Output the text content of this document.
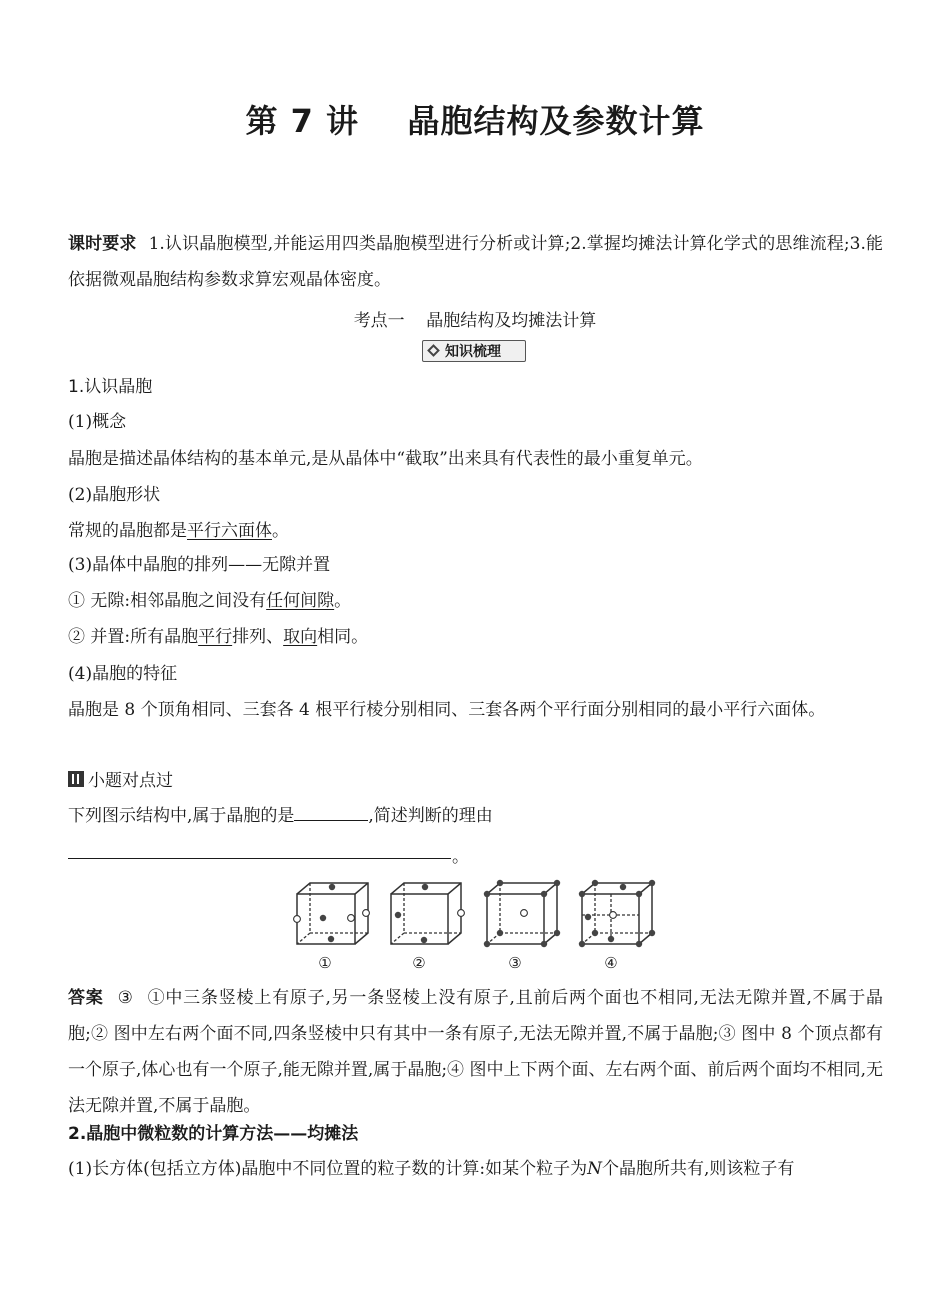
第 7 讲    晶胞结构及参数计算
课时要求 1.认识晶胞模型,并能运用四类晶胞模型进行分析或计算;2.掌握均摊法计算化学式的思维流程;3.能依据微观晶胞结构参数求算宏观晶体密度。
考点一    晶胞结构及均摊法计算
知识梳理
1.认识晶胞
(1)概念
晶胞是描述晶体结构的基本单元,是从晶体中“截取”出来具有代表性的最小重复单元。
(2)晶胞形状
常规的晶胞都是平行六面体。
(3)晶体中晶胞的排列——无隙并置
① 无隙:相邻晶胞之间没有任何间隙。
② 并置:所有晶胞平行排列、取向相同。
(4)晶胞的特征
晶胞是 8 个顶角相同、三套各 4 根平行棱分别相同、三套各两个平行面分别相同的最小平行六面体。
小题对点过
下列图示结构中,属于晶胞的是	,简述判断的理由
。
①	②	③	④
答案 ③ ①中三条竖棱上有原子,另一条竖棱上没有原子,且前后两个面也不相同,无法无隙并置,不属于晶胞;② 图中左右两个面不同,四条竖棱中只有其中一条有原子,无法无隙并置,不属于晶胞;③ 图中 8 个顶点都有一个原子,体心也有一个原子,能无隙并置,属于晶胞;④ 图中上下两个面、左右两个面、前后两个面均不相同,无法无隙并置,不属于晶胞。
2.晶胞中微粒数的计算方法——均摊法
(1)长方体(包括立方体)晶胞中不同位置的粒子数的计算:如某个粒子为N个晶胞所共有,则该粒子有
